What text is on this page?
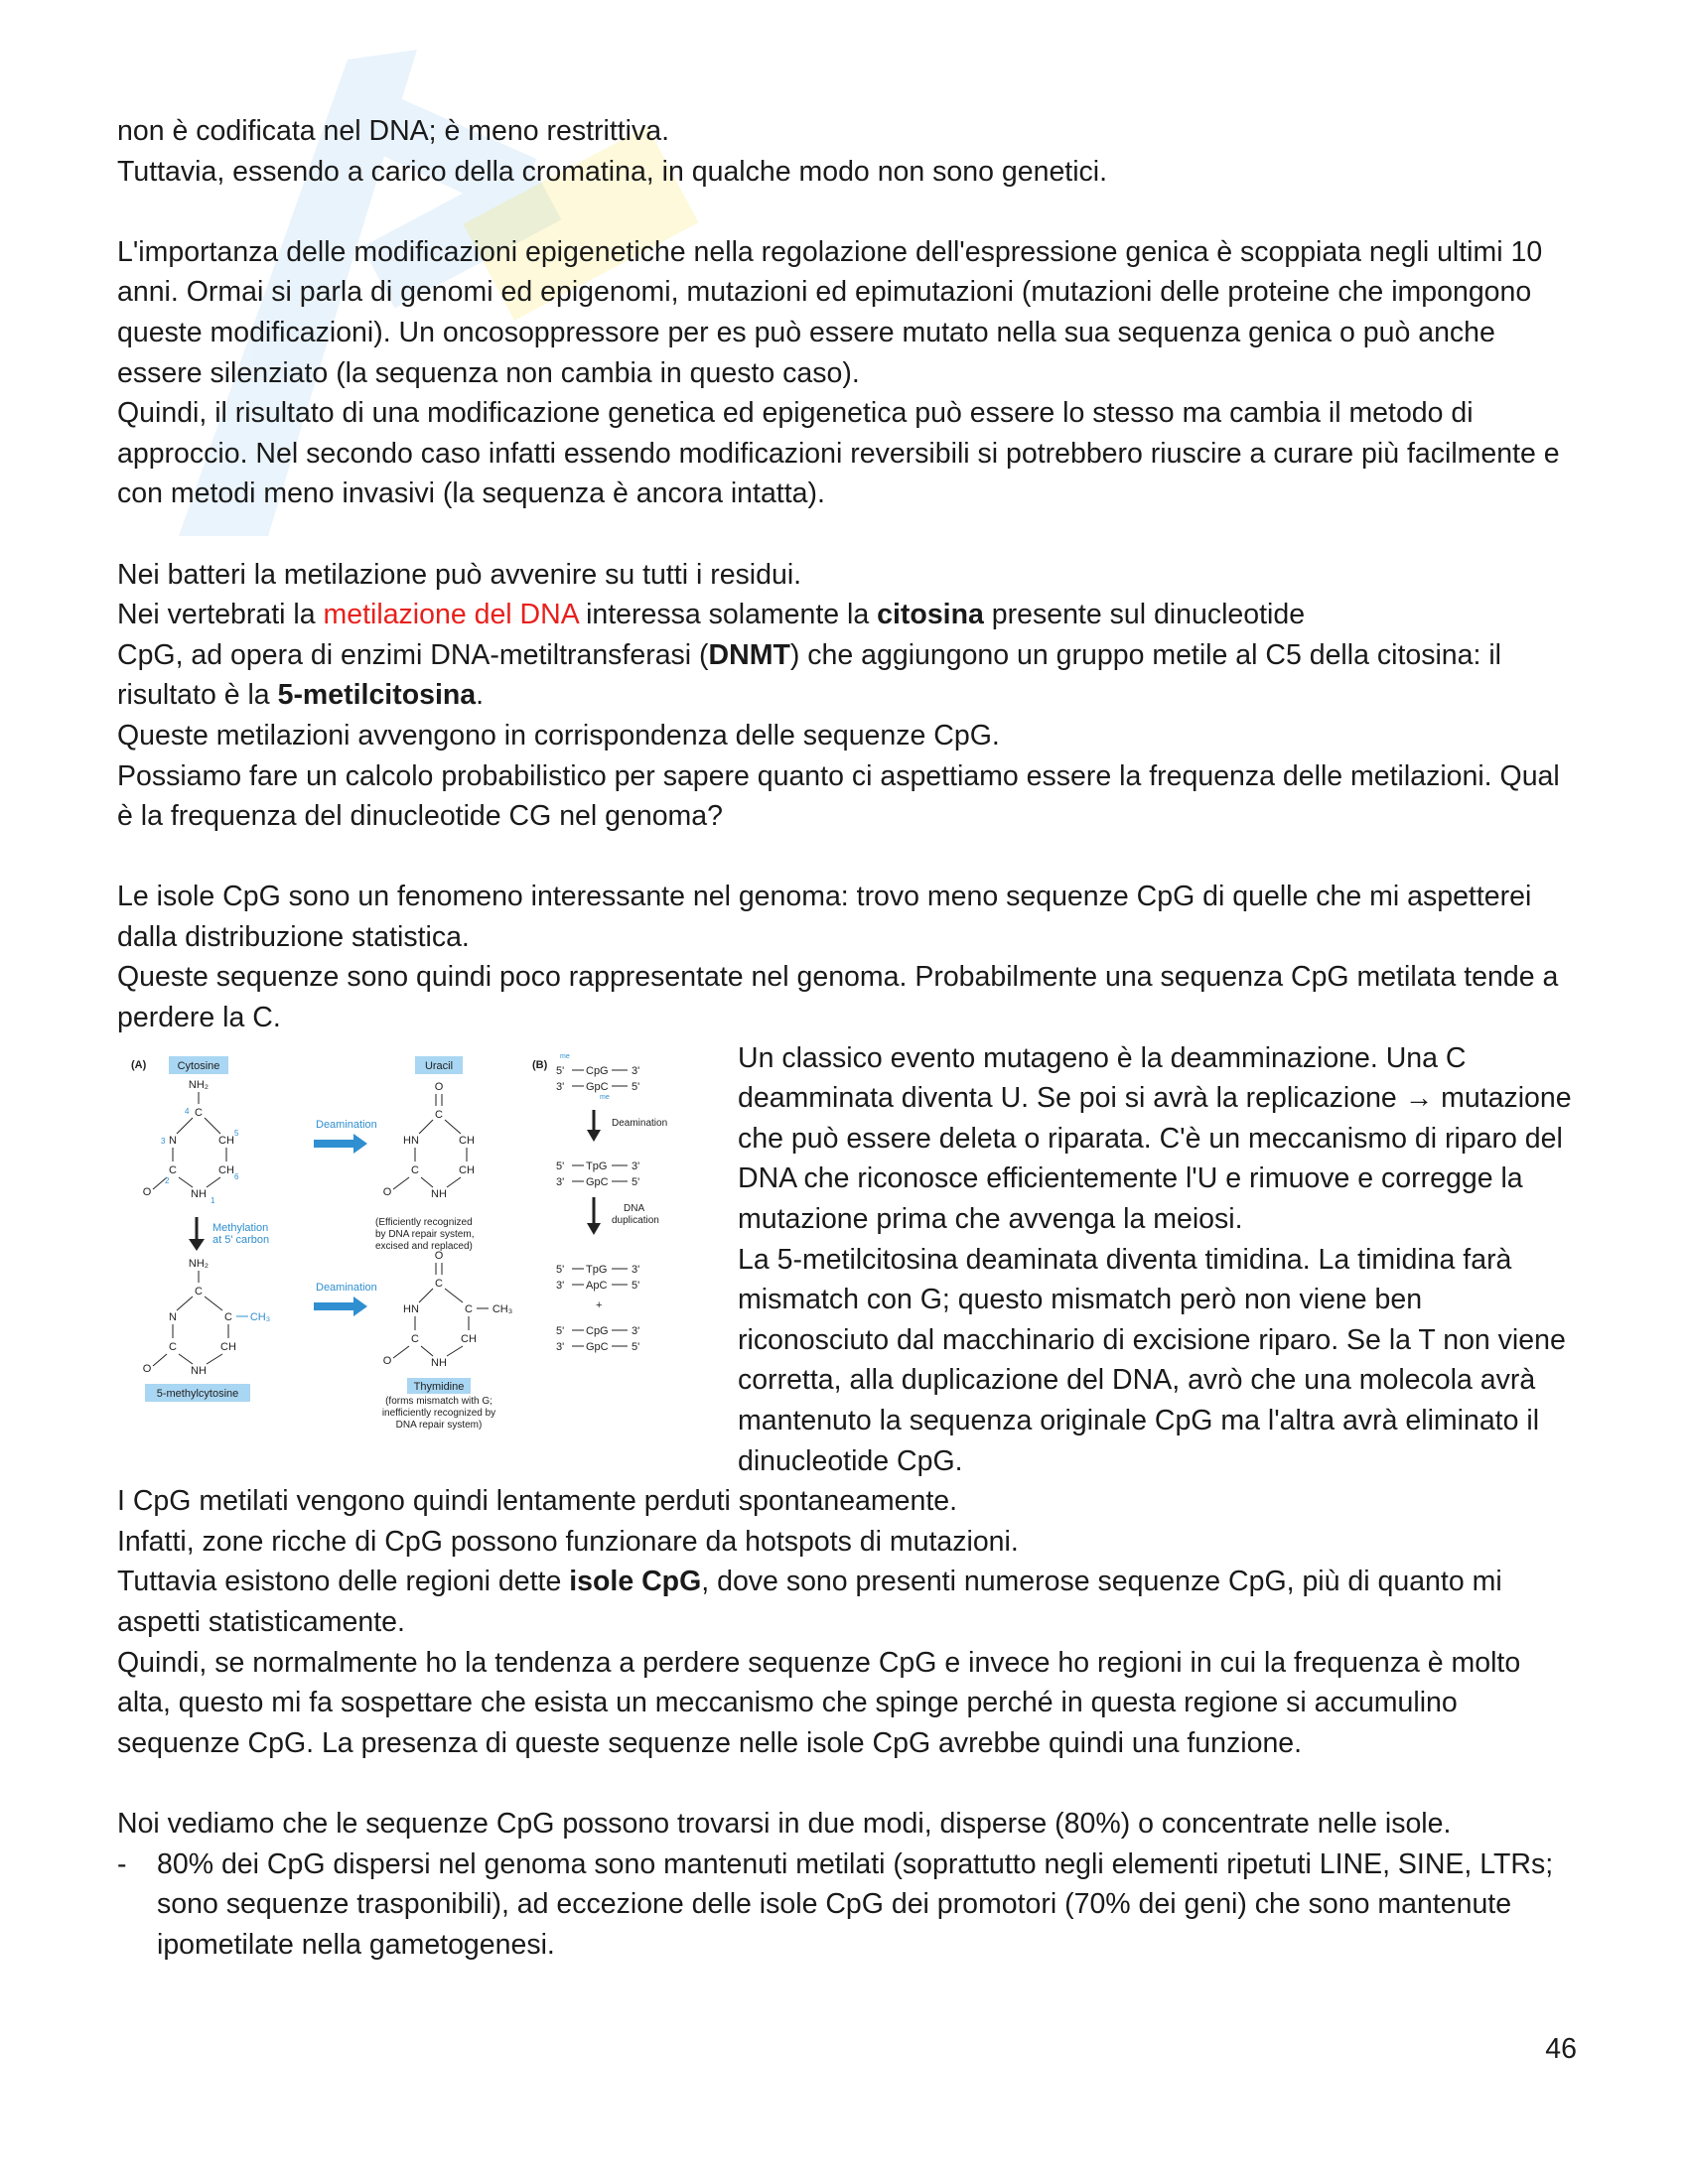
non è codificata nel DNA; è meno restrittiva.

Tuttavia, essendo a carico della cromatina, in qualche modo non sono genetici.

L'importanza delle modificazioni epigenetiche nella regolazione dell'espressione genica è scoppiata negli ultimi 10 anni. Ormai si parla di genomi ed epigenomi, mutazioni ed epimutazioni (mutazioni delle proteine che impongono queste modificazioni). Un oncosoppressore per es può essere mutato nella sua sequenza genica o può anche essere silenziato (la sequenza non cambia in questo caso).

Quindi, il risultato di una modificazione genetica ed epigenetica può essere lo stesso ma cambia il metodo di approccio. Nel secondo caso infatti essendo modificazioni reversibili si potrebbero riuscire a curare più facilmente e con metodi meno invasivi (la sequenza è ancora intatta).

Nei batteri la metilazione può avvenire su tutti i residui.

Nei vertebrati la metilazione del DNA interessa solamente la citosina presente sul dinucleotide

CpG, ad opera di enzimi DNA-metiltransferasi (DNMT) che aggiungono un gruppo metile al C5 della citosina: il risultato è la 5-metilcitosina.

Queste metilazioni avvengono in corrispondenza delle sequenze CpG.

Possiamo fare un calcolo probabilistico per sapere quanto ci aspettiamo essere la frequenza delle metilazioni. Qual è la frequenza del dinucleotide CG nel genoma?

Le isole CpG sono un fenomeno interessante nel genoma: trovo meno sequenze CpG di quelle che mi aspetterei dalla distribuzione statistica.

Queste sequenze sono quindi poco rappresentate nel genoma. Probabilmente una sequenza CpG metilata tende a perdere la C.

(A)	(B)
Cytosine
NH₂
C
N	CH
CH
C
NH
O
4
3
5
6
1
2
Deamination
Uracil
O
C
HN	CH
CH
C
NH
O
(Efficiently recognized
by DNA repair system,
excised and replaced)
Methylation
at 5' carbon
NH₂
C
N	C CH₃
CH
C
NH
O
5-methylcytosine
Deamination
O
C
HN	C CH₃
CH
C
NH
O
Thymidine
(forms mismatch with G;
inefficiently recognized by
DNA repair system)
me
5' CpG 3'
3' GpC 5'
me
Deamination
5' TpG 3'
3' GpC 5'
DNA
duplication
5' TpG 3'
3' ApC 5'
+
5' CpG 3'
3' GpC 5'

Un classico evento mutageno è la deamminazione. Una C deamminata diventa U. Se poi si avrà la replicazione → mutazione che può essere deleta o riparata. C'è un meccanismo di riparo del DNA che riconosce efficientemente l'U e rimuove e corregge la mutazione prima che avvenga la meiosi.

La 5-metilcitosina deaminata diventa timidina. La timidina farà mismatch con G; questo mismatch però non viene ben riconosciuto dal macchinario di excisione riparo. Se la T non viene corretta, alla duplicazione del DNA, avrò che una molecola avrà mantenuto la sequenza originale CpG ma l'altra avrà eliminato il dinucleotide CpG.

I CpG metilati vengono quindi lentamente perduti spontaneamente.

Infatti, zone ricche di CpG possono funzionare da hotspots di mutazioni.

Tuttavia esistono delle regioni dette isole CpG, dove sono presenti numerose sequenze CpG, più di quanto mi aspetti statisticamente.

Quindi, se normalmente ho la tendenza a perdere sequenze CpG e invece ho regioni in cui la frequenza è molto alta, questo mi fa sospettare che esista un meccanismo che spinge perché in questa regione si accumulino sequenze CpG. La presenza di queste sequenze nelle isole CpG avrebbe quindi una funzione.

Noi vediamo che le sequenze CpG possono trovarsi in due modi, disperse (80%) o concentrate nelle isole.

-	80% dei CpG dispersi nel genoma sono mantenuti metilati (soprattutto negli elementi ripetuti LINE, SINE, LTRs; sono sequenze trasponibili), ad eccezione delle isole CpG dei promotori (70% dei geni) che sono mantenute ipometilate nella gametogenesi.
46
